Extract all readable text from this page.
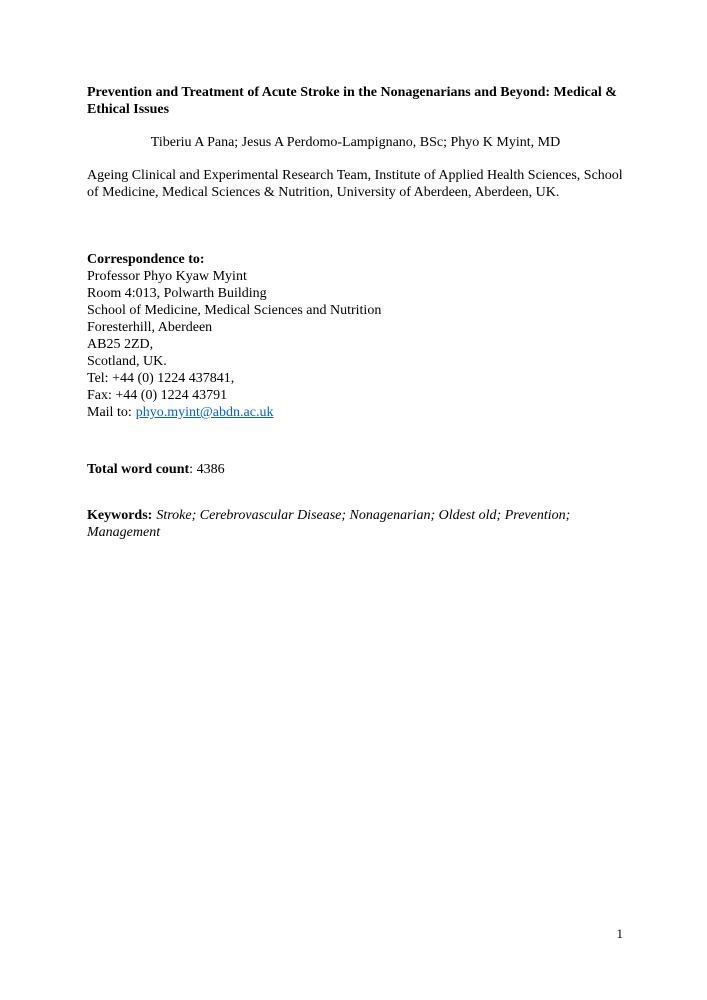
Prevention and Treatment of Acute Stroke in the Nonagenarians and Beyond: Medical & Ethical Issues

Tiberiu A Pana; Jesus A Perdomo-Lampignano, BSc; Phyo K Myint, MD
Ageing Clinical and Experimental Research Team, Institute of Applied Health Sciences, School of Medicine, Medical Sciences & Nutrition, University of Aberdeen, Aberdeen, UK.
Correspondence to:
Professor Phyo Kyaw Myint
Room 4:013, Polwarth Building
School of Medicine, Medical Sciences and Nutrition
Foresterhill, Aberdeen
AB25 2ZD,
Scotland, UK.
Tel: +44 (0) 1224 437841,
Fax: +44 (0) 1224 43791
Mail to: phyo.myint@abdn.ac.uk
Total word count: 4386
Keywords: Stroke; Cerebrovascular Disease; Nonagenarian; Oldest old; Prevention; Management
1
